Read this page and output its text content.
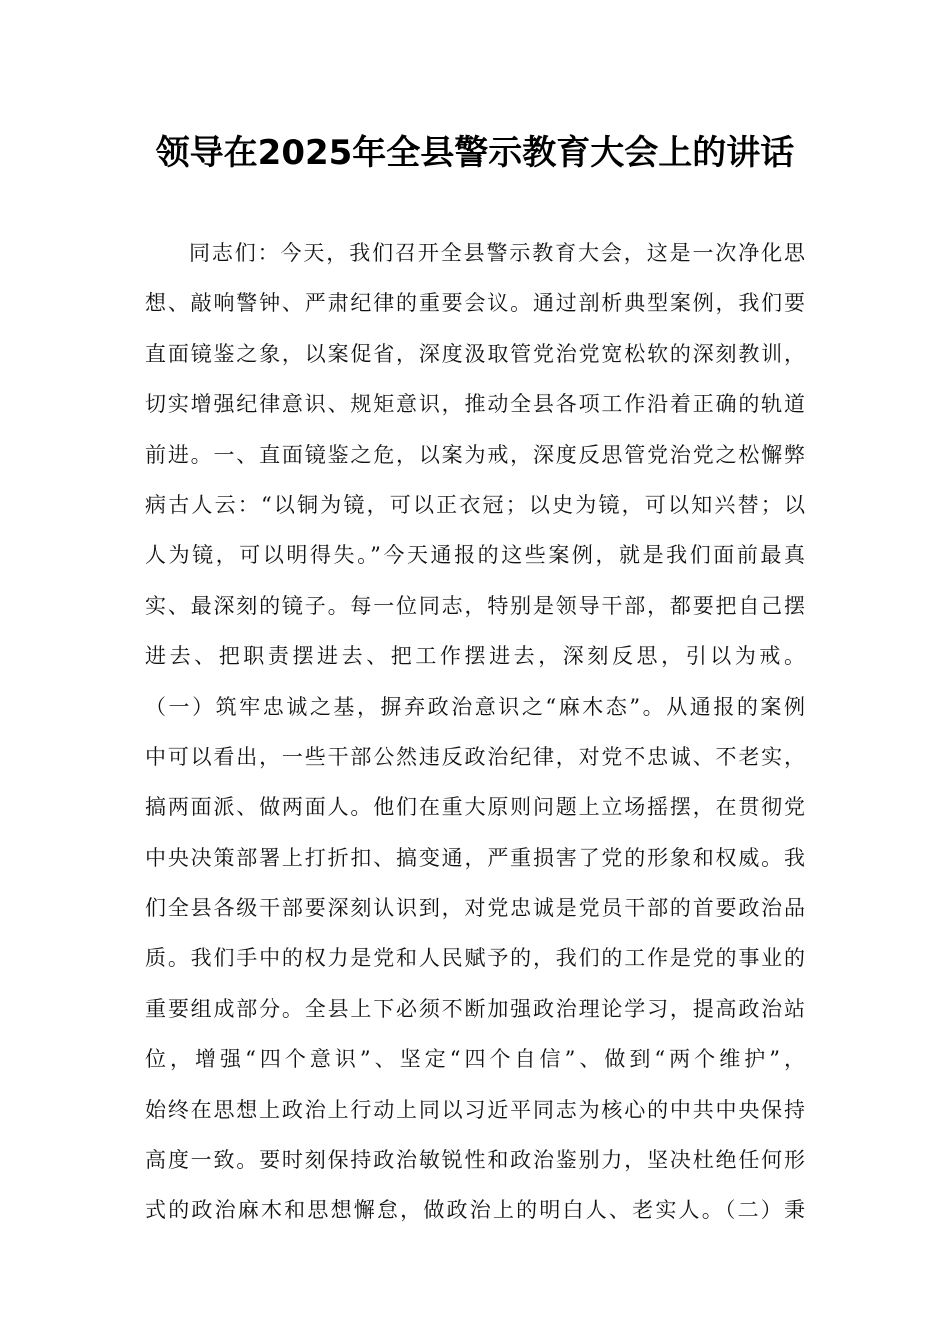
领导在2025年全县警示教育大会上的讲话
同志们：今天，我们召开全县警示教育大会，这是一次净化思
想、敲响警钟、严肃纪律的重要会议。通过剖析典型案例，我们要
直面镜鉴之象，以案促省，深度汲取管党治党宽松软的深刻教训，
切实增强纪律意识、规矩意识，推动全县各项工作沿着正确的轨道
前进。一、直面镜鉴之危，以案为戒，深度反思管党治党之松懈弊
病古人云：“以铜为镜，可以正衣冠；以史为镜，可以知兴替；以
人为镜，可以明得失。”今天通报的这些案例，就是我们面前最真
实、最深刻的镜子。每一位同志，特别是领导干部，都要把自己摆
进去、把职责摆进去、把工作摆进去，深刻反思，引以为戒。
（一）筑牢忠诚之基，摒弃政治意识之“麻木态”。从通报的案例
中可以看出，一些干部公然违反政治纪律，对党不忠诚、不老实，
搞两面派、做两面人。他们在重大原则问题上立场摇摆，在贯彻党
中央决策部署上打折扣、搞变通，严重损害了党的形象和权威。我
们全县各级干部要深刻认识到，对党忠诚是党员干部的首要政治品
质。我们手中的权力是党和人民赋予的，我们的工作是党的事业的
重要组成部分。全县上下必须不断加强政治理论学习，提高政治站
位，增强“四个意识”、坚定“四个自信”、做到“两个维护”，
始终在思想上政治上行动上同以习近平同志为核心的中共中央保持
高度一致。要时刻保持政治敏锐性和政治鉴别力，坚决杜绝任何形
式的政治麻木和思想懈怠，做政治上的明白人、老实人。（二）秉
